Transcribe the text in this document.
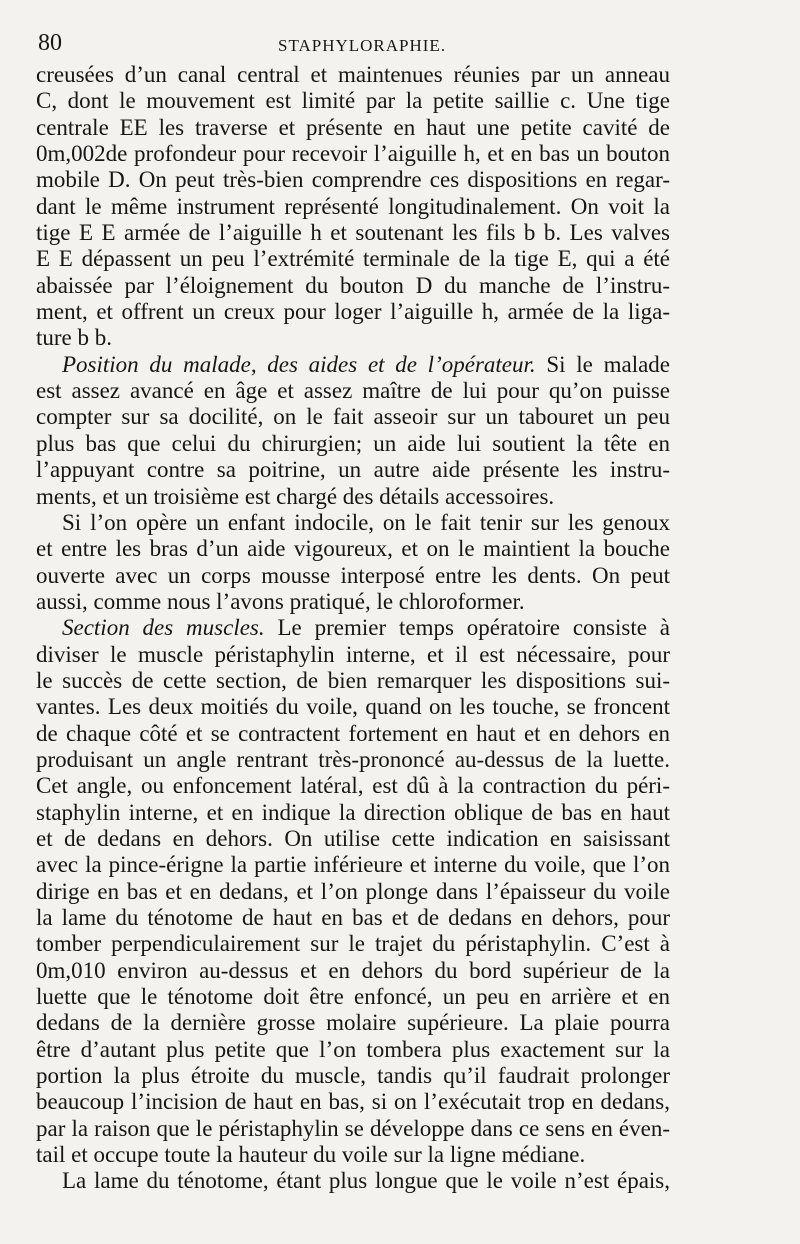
80	STAPHYLORAPHIE.
creusées d’un canal central et maintenues réunies par un anneau
C, dont le mouvement est limité par la petite saillie c. Une tige
centrale EE les traverse et présente en haut une petite cavité de
0m,002de profondeur pour recevoir l’aiguille h, et en bas un bouton
mobile D. On peut très-bien comprendre ces dispositions en regar-
dant le même instrument représenté longitudinalement. On voit la
tige E E armée de l’aiguille h et soutenant les fils b b. Les valves
E E dépassent un peu l’extrémité terminale de la tige E, qui a été
abaissée par l’éloignement du bouton D du manche de l’instru-
ment, et offrent un creux pour loger l’aiguille h, armée de la liga-
ture b b.
Position du malade, des aides et de l’opérateur. Si le malade
est assez avancé en âge et assez maître de lui pour qu’on puisse
compter sur sa docilité, on le fait asseoir sur un tabouret un peu
plus bas que celui du chirurgien; un aide lui soutient la tête en
l’appuyant contre sa poitrine, un autre aide présente les instru-
ments, et un troisième est chargé des détails accessoires.
Si l’on opère un enfant indocile, on le fait tenir sur les genoux
et entre les bras d’un aide vigoureux, et on le maintient la bouche
ouverte avec un corps mousse interposé entre les dents. On peut
aussi, comme nous l’avons pratiqué, le chloroformer.
Section des muscles. Le premier temps opératoire consiste à
diviser le muscle péristaphylin interne, et il est nécessaire, pour
le succès de cette section, de bien remarquer les dispositions sui-
vantes. Les deux moitiés du voile, quand on les touche, se froncent
de chaque côté et se contractent fortement en haut et en dehors en
produisant un angle rentrant très-prononcé au-dessus de la luette.
Cet angle, ou enfoncement latéral, est dû à la contraction du péri-
staphylin interne, et en indique la direction oblique de bas en haut
et de dedans en dehors. On utilise cette indication en saisissant
avec la pince-érigne la partie inférieure et interne du voile, que l’on
dirige en bas et en dedans, et l’on plonge dans l’épaisseur du voile
la lame du ténotome de haut en bas et de dedans en dehors, pour
tomber perpendiculairement sur le trajet du péristaphylin. C’est à
0m,010 environ au-dessus et en dehors du bord supérieur de la
luette que le ténotome doit être enfoncé, un peu en arrière et en
dedans de la dernière grosse molaire supérieure. La plaie pourra
être d’autant plus petite que l’on tombera plus exactement sur la
portion la plus étroite du muscle, tandis qu’il faudrait prolonger
beaucoup l’incision de haut en bas, si on l’exécutait trop en dedans,
par la raison que le péristaphylin se développe dans ce sens en éven-
tail et occupe toute la hauteur du voile sur la ligne médiane.
La lame du ténotome, étant plus longue que le voile n’est épais,
